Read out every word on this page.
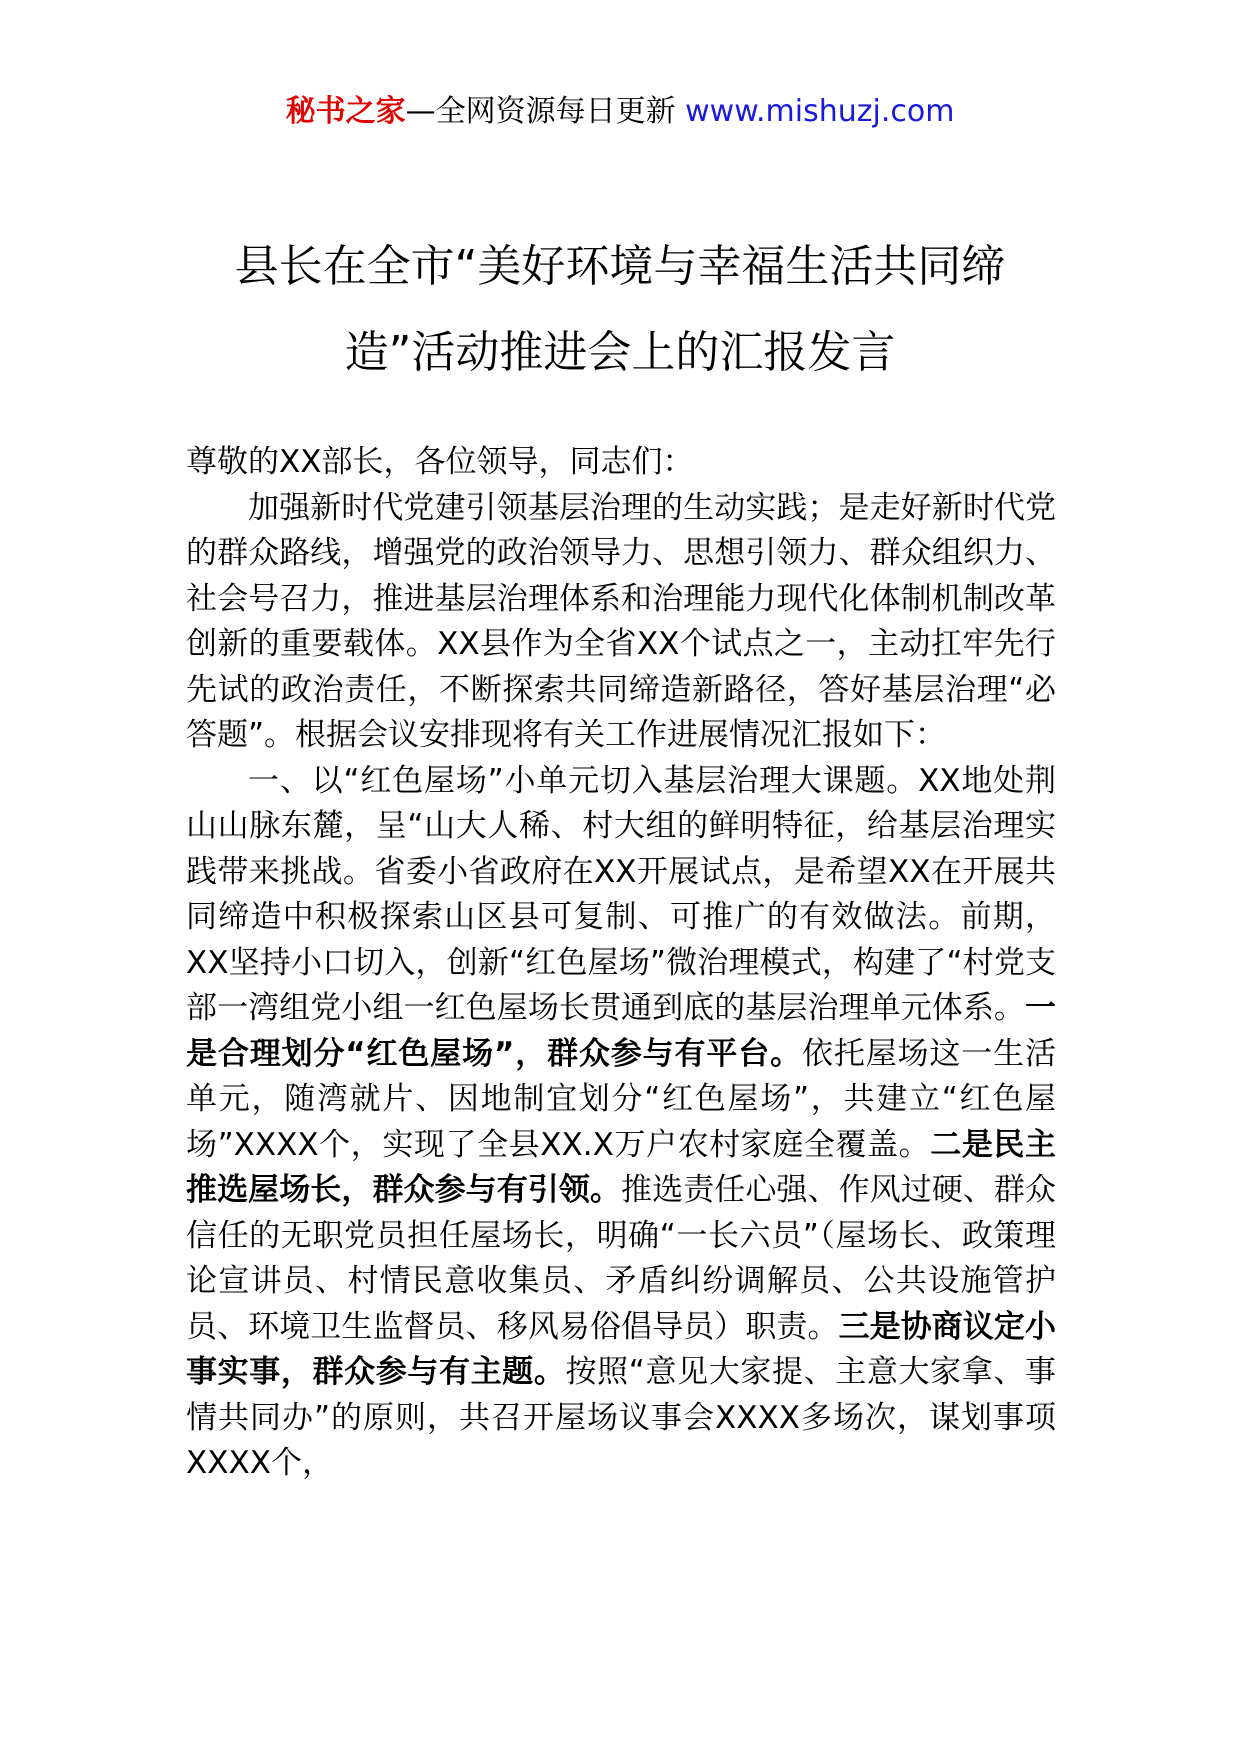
秘书之家—全网资源每日更新 www.mishuzj.com
县长在全市“美好环境与幸福生活共同缔
造”活动推进会上的汇报发言

尊敬的XX部长，各位领导，同志们：

加强新时代党建引领基层治理的生动实践；是走好新时代党的群众路线，增强党的政治领导力、思想引领力、群众组织力、社会号召力，推进基层治理体系和治理能力现代化体制机制改革创新的重要载体。XX县作为全省XX个试点之一，主动扛牢先行先试的政治责任，不断探索共同缔造新路径，答好基层治理“必答题”。根据会议安排现将有关工作进展情况汇报如下：

一、以“红色屋场”小单元切入基层治理大课题。XX地处荆山山脉东麓，呈“山大人稀、村大组的鲜明特征，给基层治理实践带来挑战。省委小省政府在XX开展试点，是希望XX在开展共同缔造中积极探索山区县可复制、可推广的有效做法。前期，XX坚持小口切入，创新“红色屋场”微治理模式，构建了“村党支部一湾组党小组一红色屋场长贯通到底的基层治理单元体系。一是合理划分“红色屋场”，群众参与有平台。依托屋场这一生活单元，随湾就片、因地制宜划分“红色屋场”，共建立“红色屋场”XXXX个，实现了全县XX.X万户农村家庭全覆盖。二是民主推选屋场长，群众参与有引领。推选责任心强、作风过硬、群众信任的无职党员担任屋场长，明确“一长六员”（屋场长、政策理论宣讲员、村情民意收集员、矛盾纠纷调解员、公共设施管护员、环境卫生监督员、移风易俗倡导员）职责。三是协商议定小事实事，群众参与有主题。按照“意见大家提、主意大家拿、事情共同办”的原则，共召开屋场议事会XXXX多场次，谋划事项XXXX个，
